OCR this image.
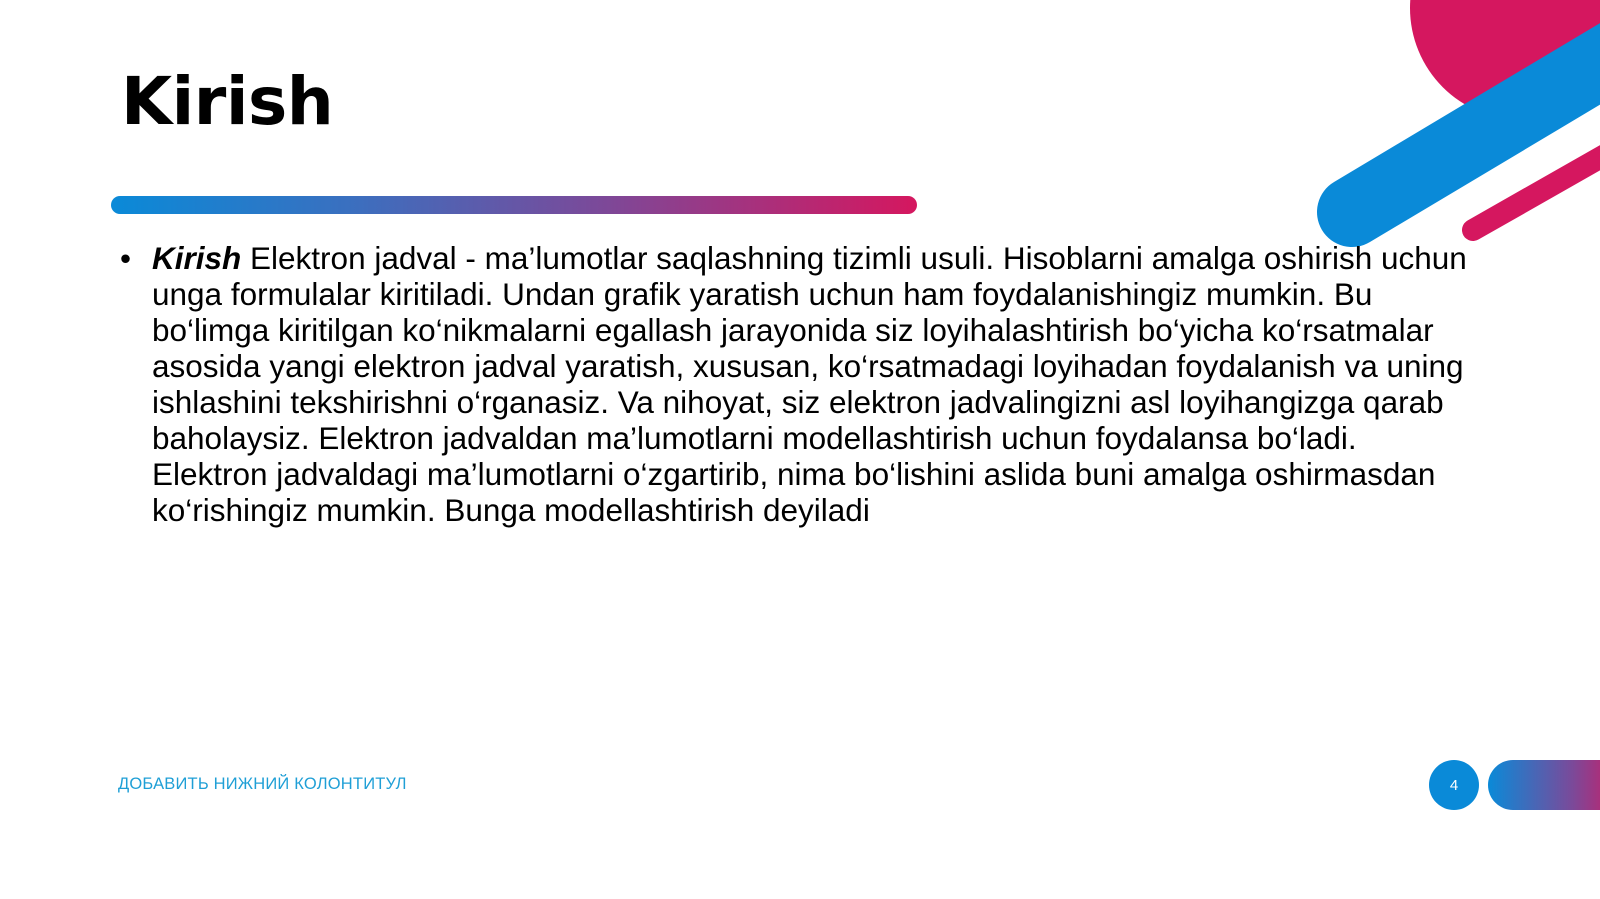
Kirish
• Kirish Elektron jadval - ma’lumotlar saqlashning tizimli usuli. Hisoblarni amalga oshirish uchun unga formulalar kiritiladi. Undan grafik yaratish uchun ham foydalanishingiz mumkin. Bu bo‘limga kiritilgan ko‘nikmalarni egallash jarayonida siz loyihalashtirish bo‘yicha ko‘rsatmalar asosida yangi elektron jadval yaratish, xususan, ko‘rsatmadagi loyihadan foydalanish va uning ishlashini tekshirishni o‘rganasiz. Va nihoyat, siz elektron jadvalingizni asl loyihangizga qarab baholaysiz. Elektron jadvaldan ma’lumotlarni modellashtirish uchun foydalansa bo‘ladi. Elektron jadvaldagi ma’lumotlarni o‘zgartirib, nima bo‘lishini aslida buni amalga oshirmasdan ko‘rishingiz mumkin. Bunga modellashtirish deyiladi
ДОБАВИТЬ НИЖНИЙ КОЛОНТИТУЛ	4
